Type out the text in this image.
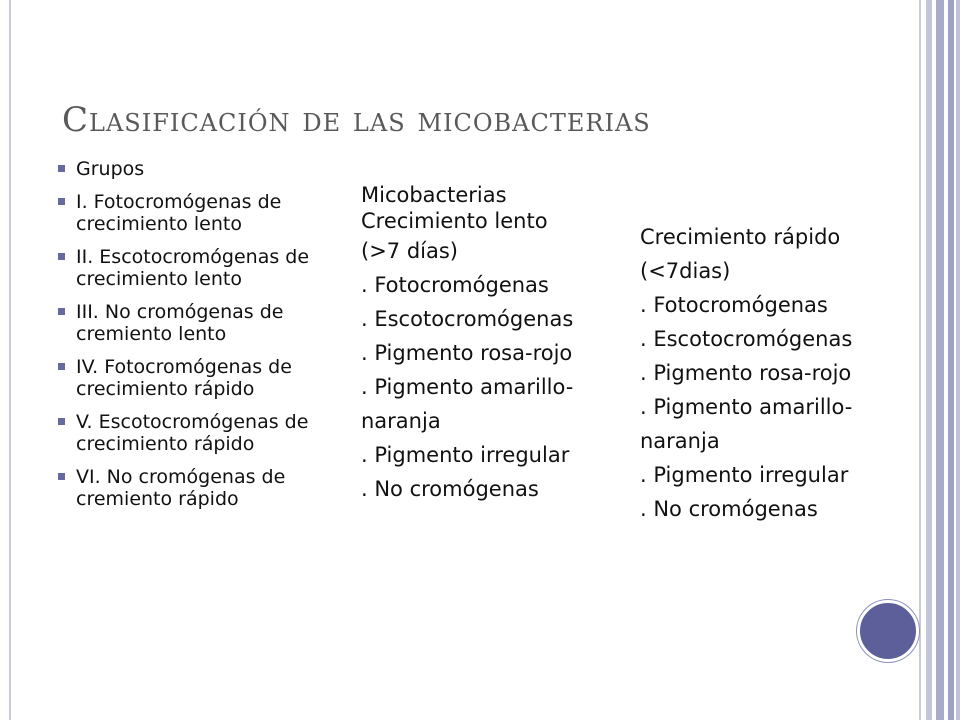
Clasificación de las micobacterias
Grupos
I. Fotocromógenas de crecimiento lento
II. Escotocromógenas de crecimiento lento
III. No cromógenas de cremiento lento
IV. Fotocromógenas de crecimiento rápido
V. Escotocromógenas de crecimiento rápido
VI. No cromógenas de cremiento rápido
Micobacterias
Crecimiento lento
(>7 días)
. Fotocromógenas
. Escotocromógenas
. Pigmento rosa-rojo
. Pigmento amarillo-
naranja
. Pigmento irregular
. No cromógenas
Crecimiento rápido
(<7dias)
. Fotocromógenas
. Escotocromógenas
. Pigmento rosa-rojo
. Pigmento amarillo-
naranja
. Pigmento irregular
. No cromógenas
